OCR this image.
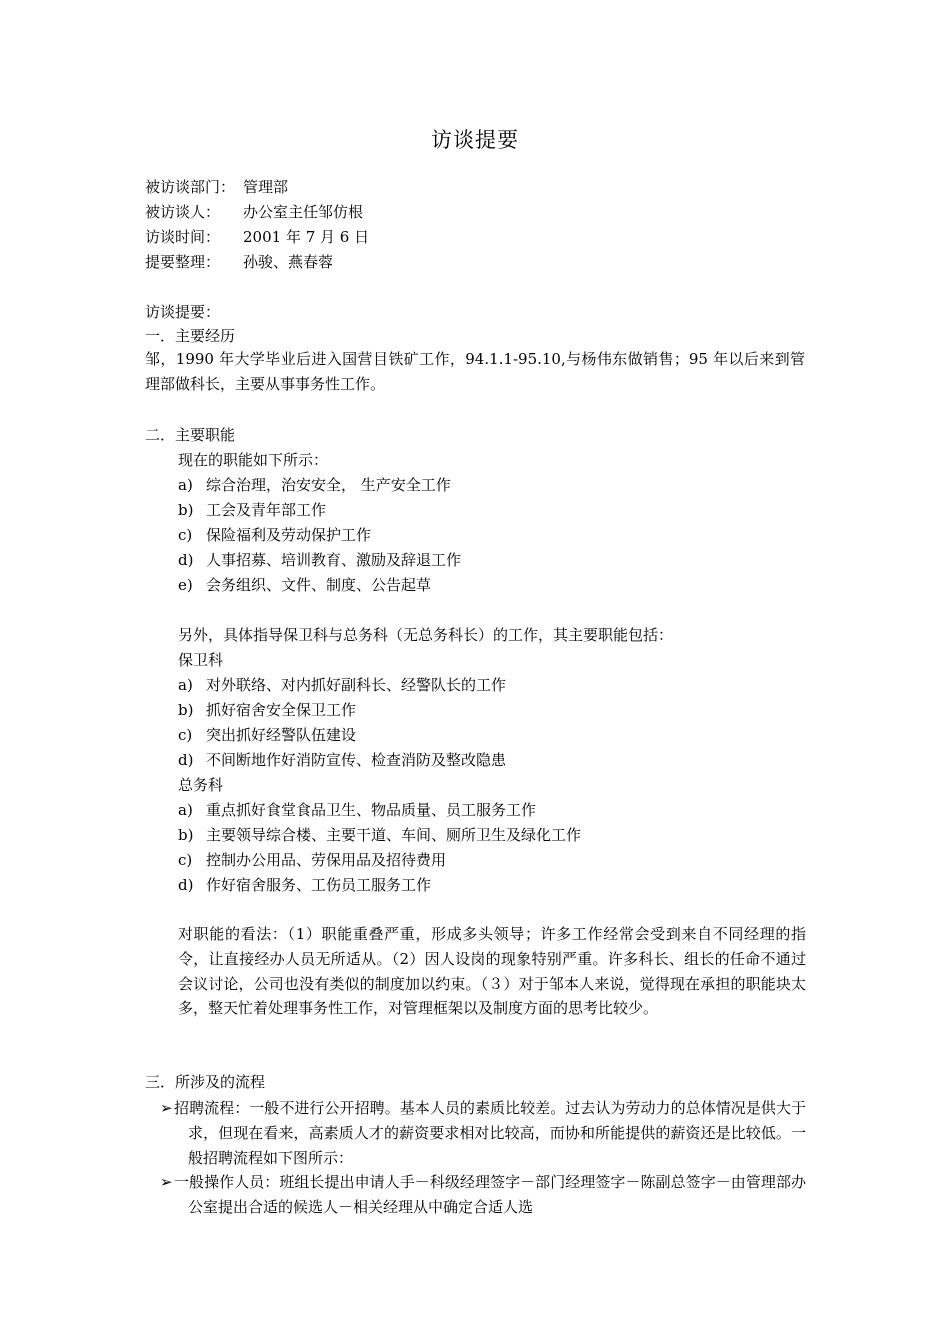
访谈提要
被访谈部门： 管理部
被访谈人： 办公室主任邹仿根
访谈时间： 2001 年 7 月 6 日
提要整理： 孙骏、燕春蓉
访谈提要：
一．主要经历
邹，1990 年大学毕业后进入国营目铁矿工作，94.1.1-95.10,与杨伟东做销售；95 年以后来到管理部做科长，主要从事事务性工作。
二．主要职能
现在的职能如下所示：
a) 综合治理，治安安全， 生产安全工作
b) 工会及青年部工作
c) 保险福利及劳动保护工作
d) 人事招募、培训教育、激励及辞退工作
e) 会务组织、文件、制度、公告起草
另外，具体指导保卫科与总务科（无总务科长）的工作，其主要职能包括：
保卫科
a) 对外联络、对内抓好副科长、经警队长的工作
b) 抓好宿舍安全保卫工作
c) 突出抓好经警队伍建设
d) 不间断地作好消防宣传、检查消防及整改隐患
总务科
a) 重点抓好食堂食品卫生、物品质量、员工服务工作
b) 主要领导综合楼、主要干道、车间、厕所卫生及绿化工作
c) 控制办公用品、劳保用品及招待费用
d) 作好宿舍服务、工伤员工服务工作
对职能的看法：（1）职能重叠严重，形成多头领导；许多工作经常会受到来自不同经理的指令，让直接经办人员无所适从。（2）因人设岗的现象特别严重。许多科长、组长的任命不通过会议讨论，公司也没有类似的制度加以约束。（３）对于邹本人来说，觉得现在承担的职能块太多，整天忙着处理事务性工作，对管理框架以及制度方面的思考比较少。
三．所涉及的流程
➢ 招聘流程：一般不进行公开招聘。基本人员的素质比较差。过去认为劳动力的总体情况是供大于求，但现在看来，高素质人才的薪资要求相对比较高，而协和所能提供的薪资还是比较低。一般招聘流程如下图所示：
➢ 一般操作人员：班组长提出申请人手－科级经理签字－部门经理签字－陈副总签字－由管理部办公室提出合适的候选人－相关经理从中确定合适人选
